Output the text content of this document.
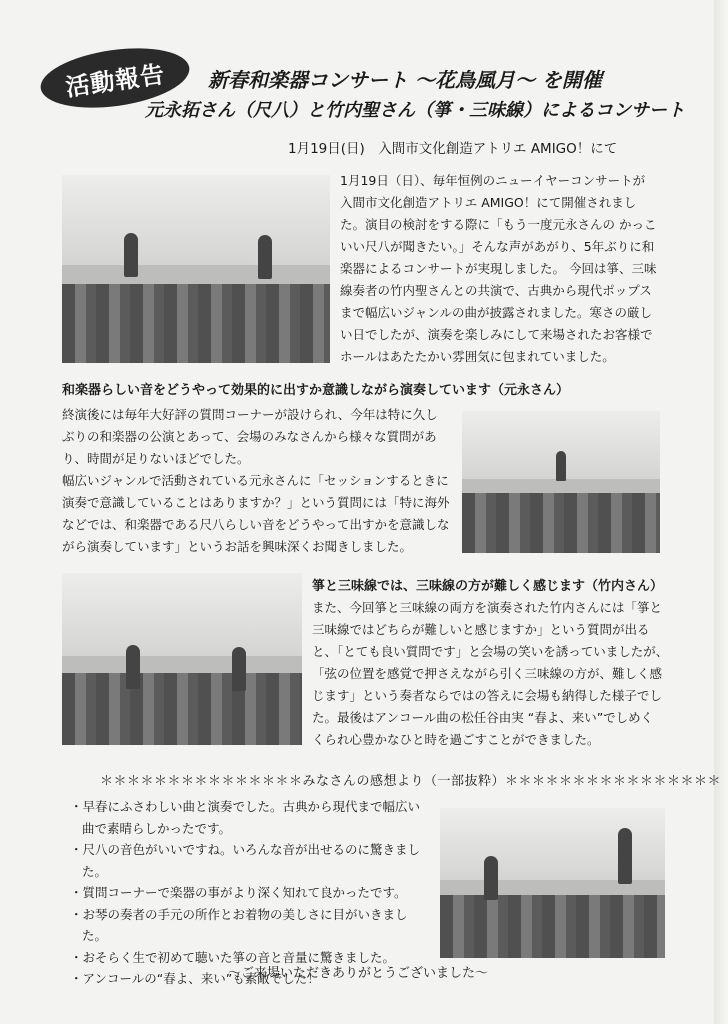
活動報告	新春和楽器コンサート ～花鳥風月～ を開催
元永拓さん（尺八）と竹内聖さん（箏・三味線）によるコンサート
1月19日(日)　入間市文化創造アトリエ AMIGO！にて

1月19日（日）、毎年恒例のニューイヤーコンサートが

入間市文化創造アトリエ AMIGO！にて開催されまし

た。演目の検討をする際に「もう一度元永さんの かっこ

いい尺八が聞きたい。」そんな声があがり、5年ぶりに和

楽器によるコンサートが実現しました。 今回は箏、三味

線奏者の竹内聖さんとの共演で、古典から現代ポップス

まで幅広いジャンルの曲が披露されました。寒さの厳し

い日でしたが、演奏を楽しみにして来場されたお客様で

ホールはあたたかい雰囲気に包まれていました。

和楽器らしい音をどうやって効果的に出すか意識しながら演奏しています（元永さん）

終演後には毎年大好評の質問コーナーが設けられ、今年は特に久し

ぶりの和楽器の公演とあって、会場のみなさんから様々な質問があ

り、時間が足りないほどでした。

幅広いジャンルで活動されている元永さんに「セッションするときに

演奏で意識していることはありますか？」という質問には「特に海外

などでは、和楽器である尺八らしい音をどうやって出すかを意識しな

がら演奏しています」というお話を興味深くお聞きしました。

箏と三味線では、三味線の方が難しく感じます（竹内さん）

また、今回箏と三味線の両方を演奏された竹内さんには「箏と

三味線ではどちらが難しいと感じますか」という質問が出る

と、「とても良い質問です」と会場の笑いを誘っていましたが、

「弦の位置を感覚で押さえながら引く三味線の方が、難しく感

じます」という奏者ならではの答えに会場も納得した様子でし

た。最後はアンコール曲の松任谷由実 “春よ、来い”でしめく

くられ心豊かなひと時を過ごすことができました。

＊＊＊＊＊＊＊＊＊＊＊＊＊＊＊みなさんの感想より（一部抜粋）＊＊＊＊＊＊＊＊＊＊＊＊＊＊＊＊
・早春にふさわしい曲と演奏でした。古典から現代まで幅広い曲で素晴らしかったです。
・尺八の音色がいいですね。いろんな音が出せるのに驚きました。
・質問コーナーで楽器の事がより深く知れて良かったです。
・お琴の奏者の手元の所作とお着物の美しさに目がいきました。
・おそらく生で初めて聴いた箏の音と音量に驚きました。
・アンコールの“春よ、来い”も素敵でした！
～ご来場いただきありがとうございました～
